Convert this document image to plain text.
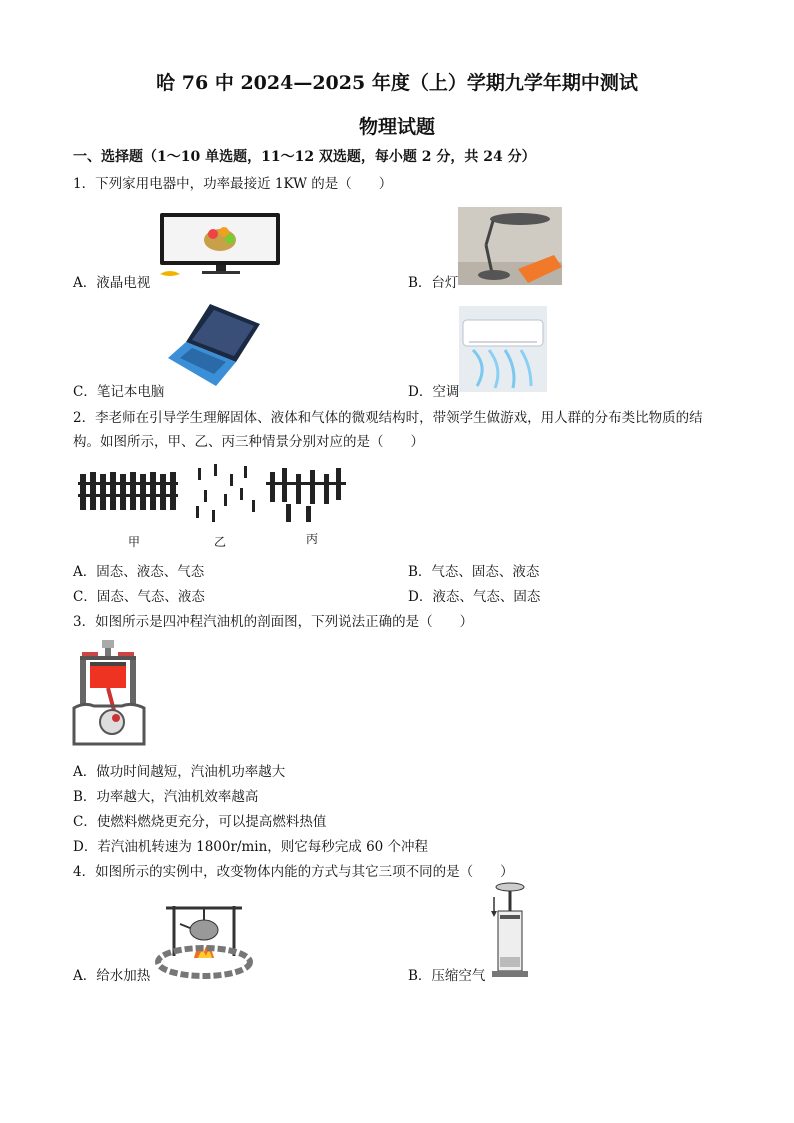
哈 76 中 2024—2025 年度（上）学期九学年期中测试
物理试题
一、选择题（1～10 单选题，11～12 双选题，每小题 2 分，共 24 分）
1．下列家用电器中，功率最接近 1KW 的是（　　）
A．液晶电视	B．台灯
C．笔记本电脑	D．空调
2．李老师在引导学生理解固体、液体和气体的微观结构时，带领学生做游戏，用人群的分布类比物质的结
构。如图所示，甲、乙、丙三种情景分别对应的是（　　）
甲	乙	丙
A．固态、液态、气态	B．气态、固态、液态
C．固态、气态、液态	D．液态、气态、固态
3．如图所示是四冲程汽油机的剖面图，下列说法正确的是（　　）
A．做功时间越短，汽油机功率越大
B．功率越大，汽油机效率越高
C．使燃料燃烧更充分，可以提高燃料热值
D．若汽油机转速为 1800r/min，则它每秒完成 60 个冲程
4．如图所示的实例中，改变物体内能的方式与其它三项不同的是（　　）
A．给水加热	B．压缩空气
